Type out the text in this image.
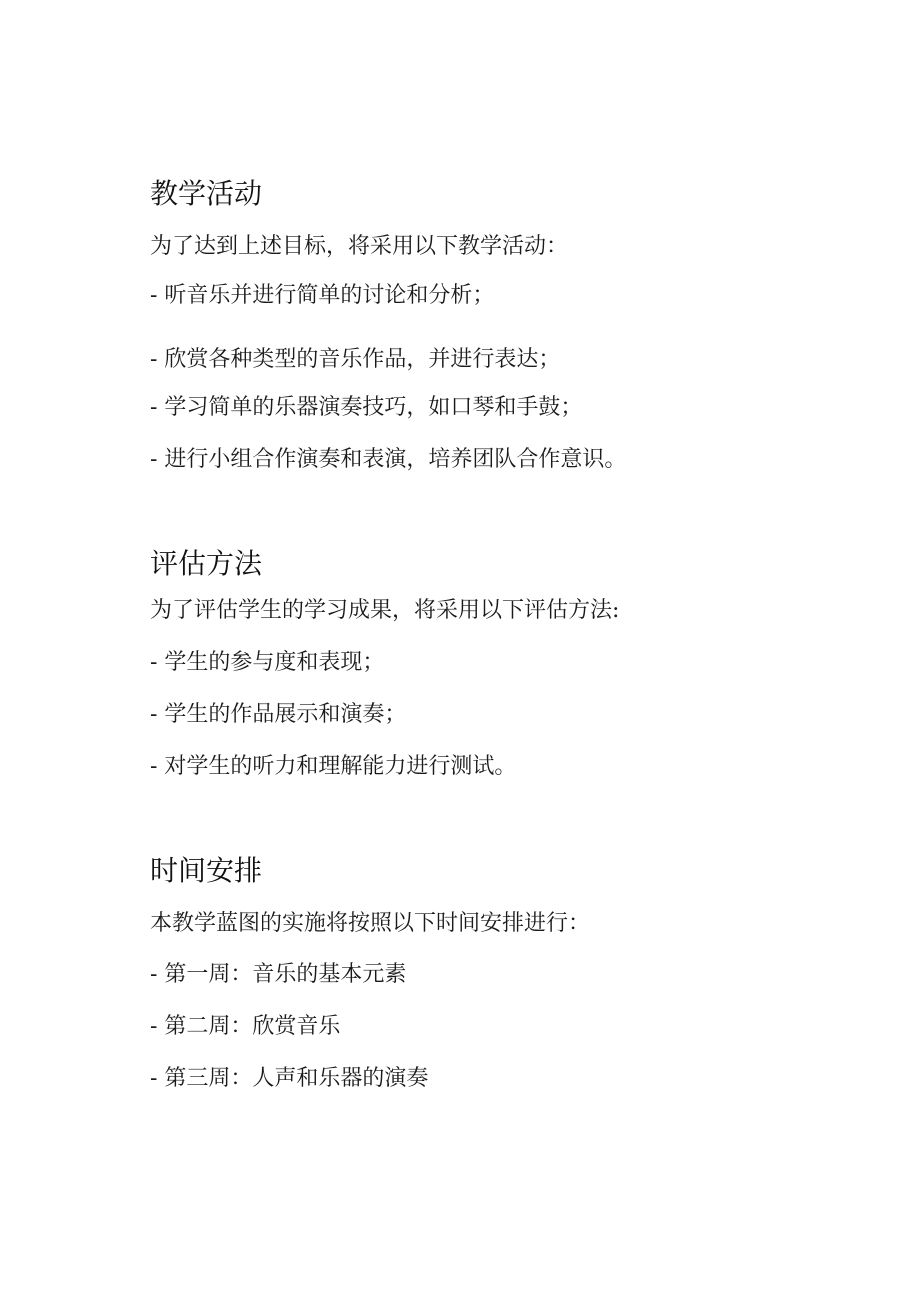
教学活动

为了达到上述目标，将采用以下教学活动：

- 听音乐并进行简单的讨论和分析；

- 欣赏各种类型的音乐作品，并进行表达；

- 学习简单的乐器演奏技巧，如口琴和手鼓；

- 进行小组合作演奏和表演，培养团队合作意识。

评估方法

为了评估学生的学习成果，将采用以下评估方法:

- 学生的参与度和表现；

- 学生的作品展示和演奏；

- 对学生的听力和理解能力进行测试。

时间安排

本教学蓝图的实施将按照以下时间安排进行：

- 第一周：音乐的基本元素

- 第二周：欣赏音乐

- 第三周：人声和乐器的演奏
